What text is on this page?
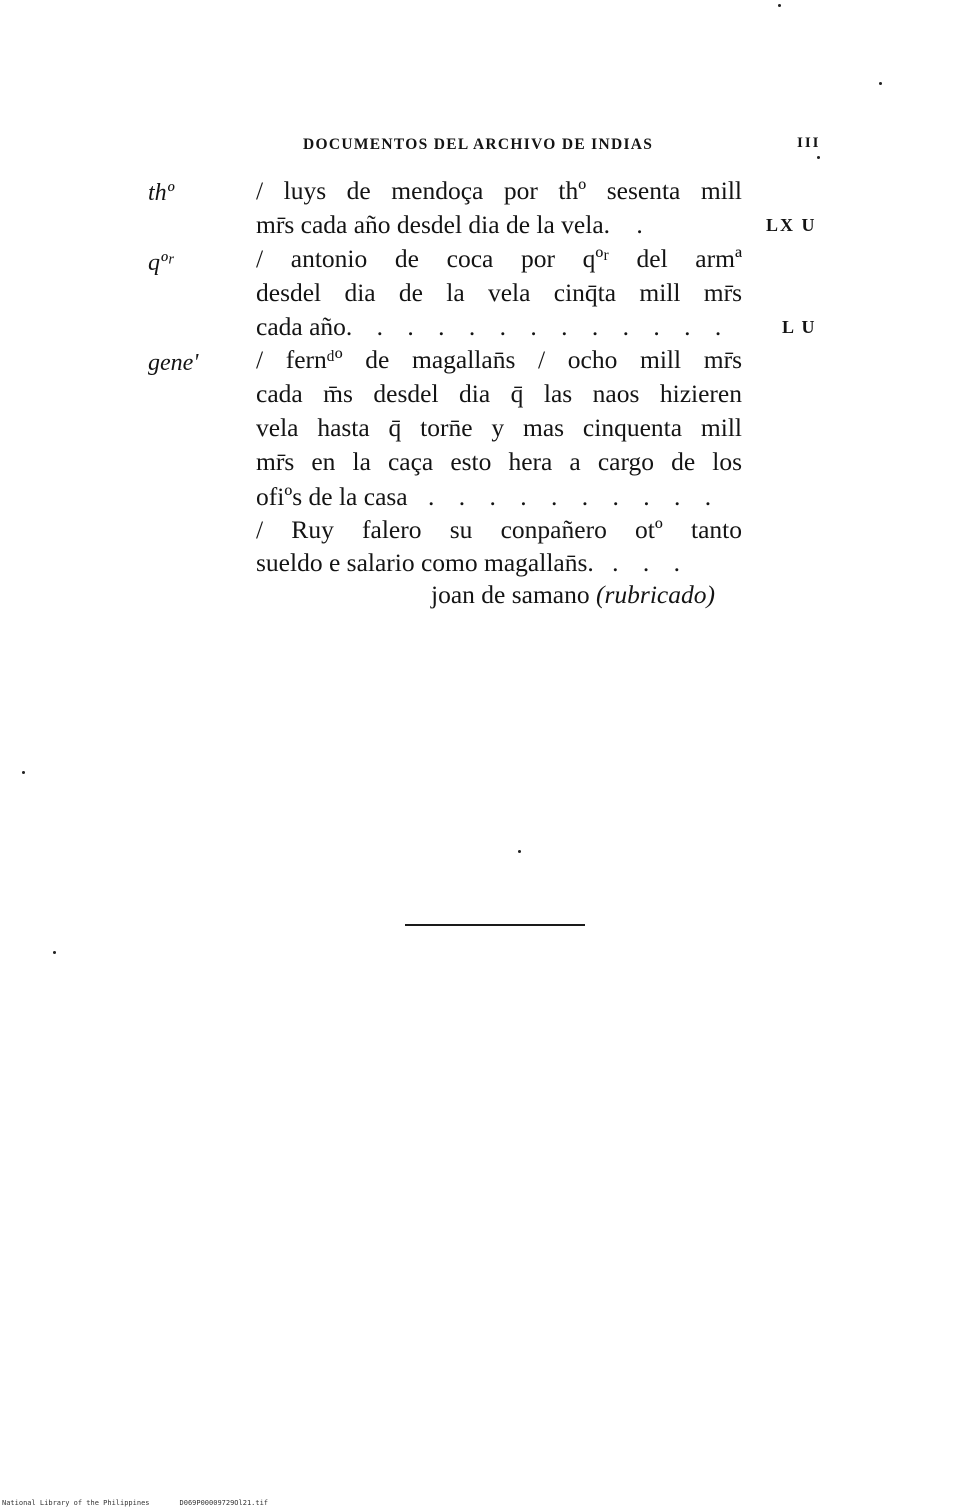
DOCUMENTOS DEL ARCHIVO DE INDIAS	III
thº
qºʳ
gene'
/ luys de mendoça por thº sesenta mill
mr̄s cada año desdel dia de la vela. .	LX U
/ antonio de coca por qºʳ del armª
desdel dia de la vela cinq̄ta mill mr̄s
cada año. . . . . . . . . . . . .	L U
/ fernᵈº de magallan̄s / ocho mill mr̄s
cada m̄s desdel dia q̄ las naos hizieren
vela hasta q̄ torn̄e y mas cinquenta mill
mr̄s en la caça esto hera a cargo de los
ofiºs de la casa . . . . . . . . . .
/ Ruy falero su conpañero otº tanto
sueldo e salario como magallan̄s. . . .
joan de samano (rubricado)
National Library of the Philippines	D069P00009729Ol21.tif
